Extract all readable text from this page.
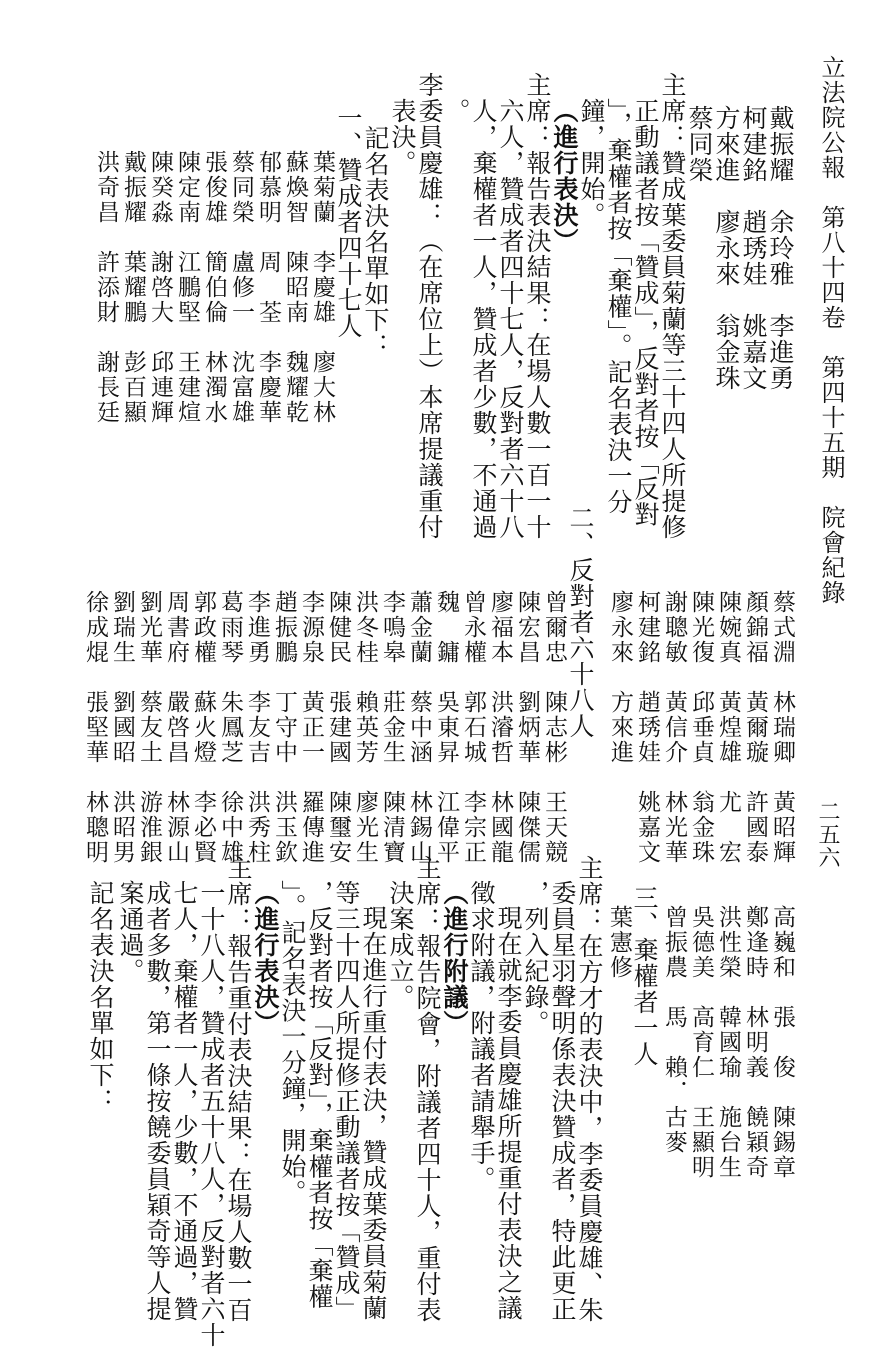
立法院公報　第八十四卷　第四十五期　院會紀錄
二五六
戴振耀　余玲雅　李進勇
柯建銘　趙琇娃　姚嘉文
方來進　廖永來　翁金珠
蔡同榮
主席：贊成葉委員菊蘭等三十四人所提修
正動議者按「贊成」，反對者按「反對
」，棄權者按「棄權」。記名表決一分
鐘，開始。
（進行表決）
主席：報告表決結果：在場人數一百一十
六人，贊成者四十七人，反對者六十八
人，棄權者一人，贊成者少數，不通過
。
李委員慶雄：（在席位上）本席提議重付
表決。
記名表決名單如下：
一、贊成者四十七人
葉菊蘭　李慶雄　廖大林
蘇煥智　陳昭南　魏耀乾
郁慕明　周　荃　李慶華
蔡同榮　盧修一　沈富雄
張俊雄　簡伯倫　林濁水
陳定南　江鵬堅　王建煊
陳癸淼　謝啓大　邱連輝
戴振耀　葉耀鵬　彭百顯
洪奇昌　許添財　謝長廷
蔡式淵　林瑞卿　黃昭輝
顏錦福　黃爾璇　許國泰
陳婉真　黃煌雄　尤　宏
陳光復　邱垂貞　翁金珠
謝聰敏　黃信介　林光華
柯建銘　趙琇娃　姚嘉文
廖永來　方來進
二、反對者六十八人
曾爾忠　陳志彬　王天競
陳宏昌　劉炳華　陳傑儒
廖福本　洪濬哲　林國龍
曾永權　郭石城　李宗正
魏　鏞　吳東昇　江偉平
蕭金蘭　蔡中涵　林錫山
李鳴皋　莊金生　陳清寶
洪冬桂　賴英芳　廖光生
陳健民　張建國　陳璽安
李源泉　黃正一　羅傳進
趙振鵬　丁守中　洪玉欽
李進勇　李友吉　洪秀柱
葛雨琴　朱鳳芝　徐中雄
郭政權　蘇火燈　李必賢
周書府　嚴啓昌　林源山
劉光華　蔡友土　游淮銀
劉瑞生　劉國昭　洪昭男
徐成焜　張堅華　林聰明
高巍和　張　俊　陳錫章
鄭逢時　林明義　饒穎奇
洪性榮　韓國瑜　施台生
吳德美　高育仁　王顯明
曾振農　馬　賴．古麥
三、棄權者一人
葉憲修
主席：在方才的表決中，李委員慶雄、朱
委員星羽聲明係表決贊成者，特此更正
，列入紀錄。
現在就李委員慶雄所提重付表決之議
徵求附議，附議者請舉手。
（進行附議）
主席：報告院會，附議者四十人，重付表
決案成立。
現在進行重付表決，贊成葉委員菊蘭
等三十四人所提修正動議者按「贊成」
，反對者按「反對」，棄權者按「棄權
」。記名表決一分鐘，開始。
（進行表決）
主席：報告重付表決結果：在場人數一百
一十八人，贊成者五十八人，反對者六十
七人，棄權者一人，少數，不通過，贊
成者多數，第一條按饒委員穎奇等人提
案通過。
記名表決名單如下：
